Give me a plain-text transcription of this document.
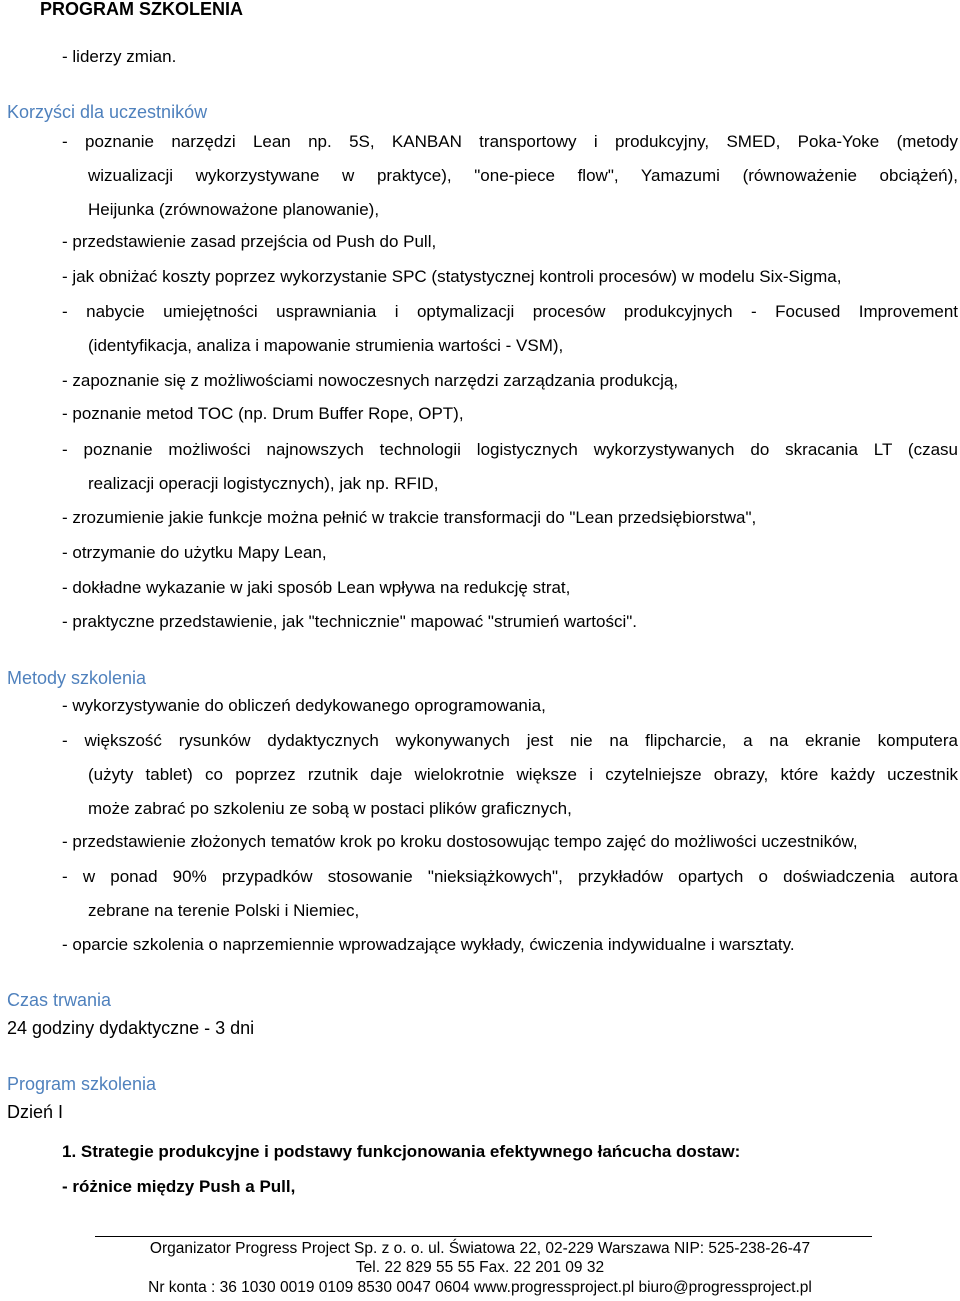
PROGRAM SZKOLENIA
- liderzy zmian.
Korzyści dla uczestników
- poznanie narzędzi Lean np. 5S, KANBAN transportowy i produkcyjny, SMED, Poka-Yoke (metody
wizualizacji wykorzystywane w praktyce), "one-piece flow", Yamazumi (równoważenie obciążeń),
Heijunka (zrównoważone planowanie),
- przedstawienie zasad przejścia od Push do Pull,
- jak obniżać koszty poprzez wykorzystanie SPC (statystycznej kontroli procesów) w modelu Six-Sigma,
- nabycie umiejętności usprawniania i optymalizacji procesów produkcyjnych - Focused Improvement
(identyfikacja, analiza i mapowanie strumienia wartości - VSM),
- zapoznanie się z możliwościami nowoczesnych narzędzi zarządzania produkcją,
- poznanie metod TOC (np. Drum Buffer Rope, OPT),
- poznanie możliwości najnowszych technologii logistycznych wykorzystywanych do skracania LT (czasu
realizacji operacji logistycznych), jak np. RFID,
- zrozumienie jakie funkcje można pełnić w trakcie transformacji do "Lean przedsiębiorstwa",
- otrzymanie do użytku Mapy Lean,
- dokładne wykazanie w jaki sposób Lean wpływa na redukcję strat,
- praktyczne przedstawienie, jak "technicznie" mapować "strumień wartości".
Metody szkolenia
- wykorzystywanie do obliczeń dedykowanego oprogramowania,
- większość rysunków dydaktycznych wykonywanych jest nie na flipcharcie, a na ekranie komputera
(użyty tablet) co poprzez rzutnik daje wielokrotnie większe i czytelniejsze obrazy, które każdy uczestnik
może zabrać po szkoleniu ze sobą w postaci plików graficznych,
- przedstawienie złożonych tematów krok po kroku dostosowując tempo zajęć do możliwości uczestników,
- w ponad 90% przypadków stosowanie "nieksiążkowych", przykładów opartych o doświadczenia autora
zebrane na terenie Polski i Niemiec,
- oparcie szkolenia o naprzemiennie wprowadzające wykłady, ćwiczenia indywidualne i warsztaty.
Czas trwania
24 godziny dydaktyczne - 3 dni
Program szkolenia
Dzień I
1. Strategie produkcyjne i podstawy funkcjonowania efektywnego łańcucha dostaw:
- różnice między Push a Pull,
Organizator Progress Project Sp. z o. o. ul. Światowa 22, 02-229 Warszawa NIP: 525-238-26-47
Tel. 22 829 55 55 Fax. 22 201 09 32
Nr konta : 36 1030 0019 0109 8530 0047 0604 www.progressproject.pl biuro@progressproject.pl
